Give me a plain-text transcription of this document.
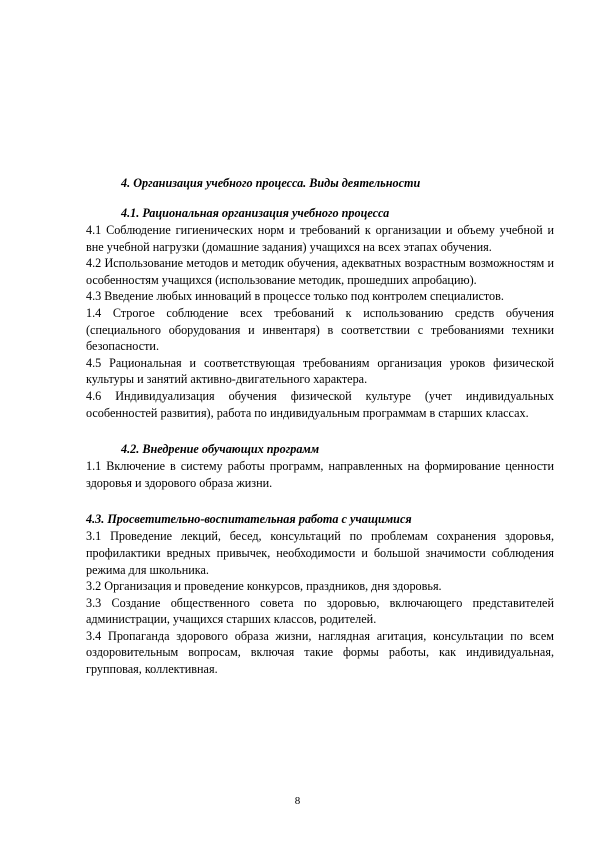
4. Организация учебного процесса. Виды деятельности

4.1. Рациональная организация учебного процесса

4.1 Соблюдение гигиенических норм и требований к организации и объему учебной и вне учебной нагрузки (домашние задания) учащихся на всех этапах обучения.

4.2 Использование методов и методик обучения, адекватных возрастным возможностям и особенностям учащихся (использование методик, прошедших апробацию).

4.3 Введение любых инноваций в процессе только под контролем специалистов.

1.4 Строгое соблюдение всех требований к использованию средств обучения (специального оборудования и инвентаря) в соответствии с требованиями техники безопасности.

4.5 Рациональная и соответствующая требованиям организация уроков физической культуры и занятий активно-двигательного характера.

4.6 Индивидуализация обучения физической культуре (учет индивидуальных особенностей развития), работа по индивидуальным программам в старших классах.

4.2. Внедрение обучающих программ

1.1 Включение в систему работы программ, направленных на формирование ценности здоровья и здорового образа жизни.

4.3. Просветительно-воспитательная работа с учащимися

3.1 Проведение лекций, бесед, консультаций по проблемам сохранения здоровья, профилактики вредных привычек, необходимости и большой значимости соблюдения режима для школьника.

3.2 Организация и проведение конкурсов, праздников, дня здоровья.

3.3 Создание общественного совета по здоровью, включающего представителей администрации, учащихся старших классов, родителей.

3.4 Пропаганда здорового образа жизни, наглядная агитация, консультации по всем оздоровительным вопросам, включая такие формы работы, как индивидуальная, групповая, коллективная.

8
